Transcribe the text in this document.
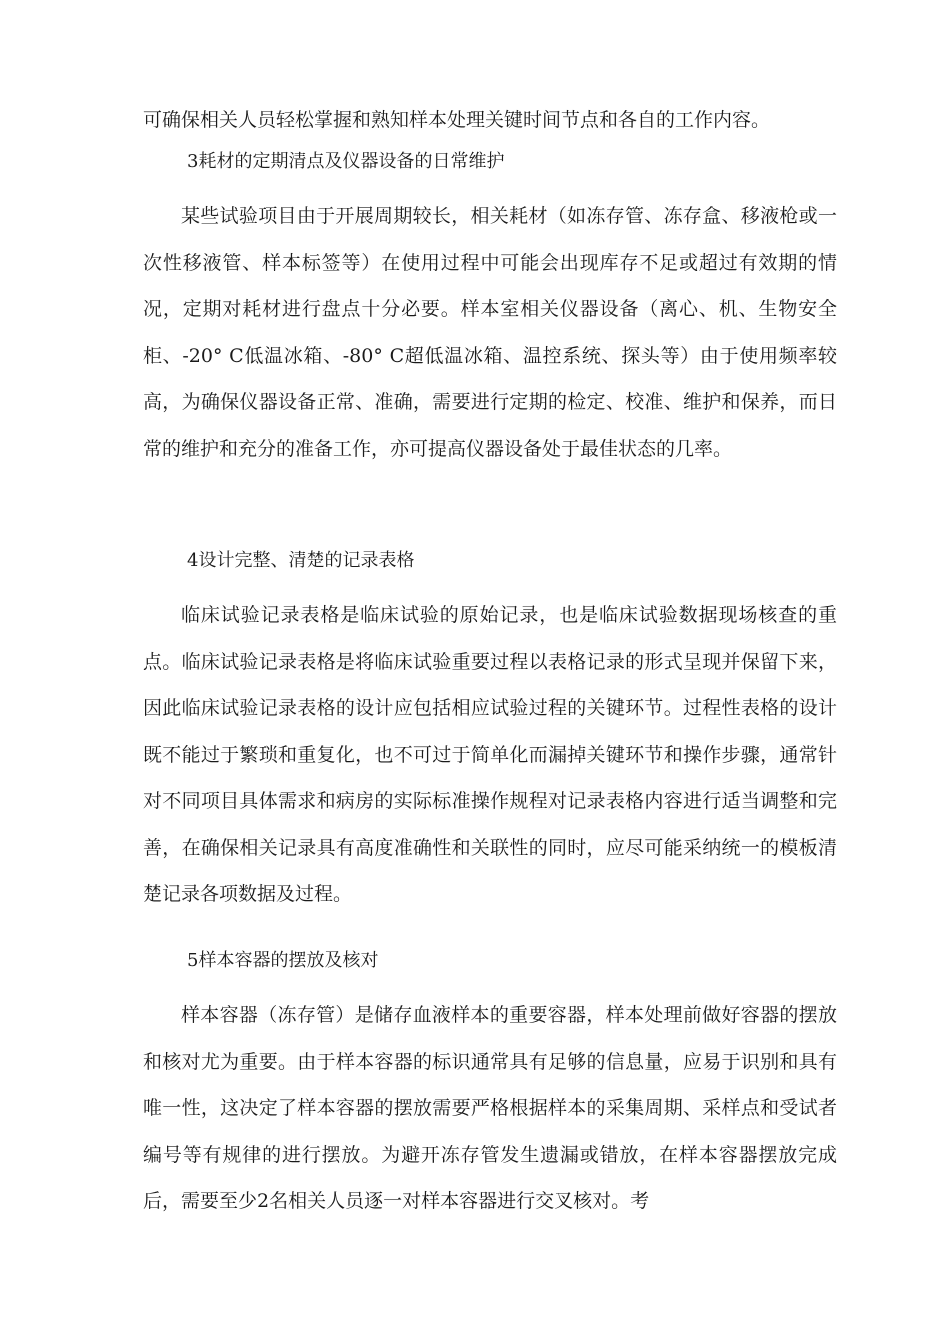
可确保相关人员轻松掌握和熟知样本处理关键时间节点和各自的工作内容。

3耗材的定期清点及仪器设备的日常维护

某些试验项目由于开展周期较长，相关耗材（如冻存管、冻存盒、移液枪或一次性移液管、样本标签等）在使用过程中可能会出现库存不足或超过有效期的情况，定期对耗材进行盘点十分必要。样本室相关仪器设备（离心、机、生物安全柜、-20° C低温冰箱、-80° C超低温冰箱、温控系统、探头等）由于使用频率较高，为确保仪器设备正常、准确，需要进行定期的检定、校准、维护和保养，而日常的维护和充分的准备工作，亦可提高仪器设备处于最佳状态的几率。

4设计完整、清楚的记录表格

临床试验记录表格是临床试验的原始记录，也是临床试验数据现场核查的重点。临床试验记录表格是将临床试验重要过程以表格记录的形式呈现并保留下来，因此临床试验记录表格的设计应包括相应试验过程的关键环节。过程性表格的设计既不能过于繁琐和重复化，也不可过于简单化而漏掉关键环节和操作步骤，通常针对不同项目具体需求和病房的实际标准操作规程对记录表格内容进行适当调整和完善，在确保相关记录具有高度准确性和关联性的同时，应尽可能采纳统一的模板清楚记录各项数据及过程。

5样本容器的摆放及核对

样本容器（冻存管）是储存血液样本的重要容器，样本处理前做好容器的摆放和核对尤为重要。由于样本容器的标识通常具有足够的信息量，应易于识别和具有唯一性，这决定了样本容器的摆放需要严格根据样本的采集周期、采样点和受试者编号等有规律的进行摆放。为避开冻存管发生遗漏或错放，在样本容器摆放完成后，需要至少2名相关人员逐一对样本容器进行交叉核对。考
